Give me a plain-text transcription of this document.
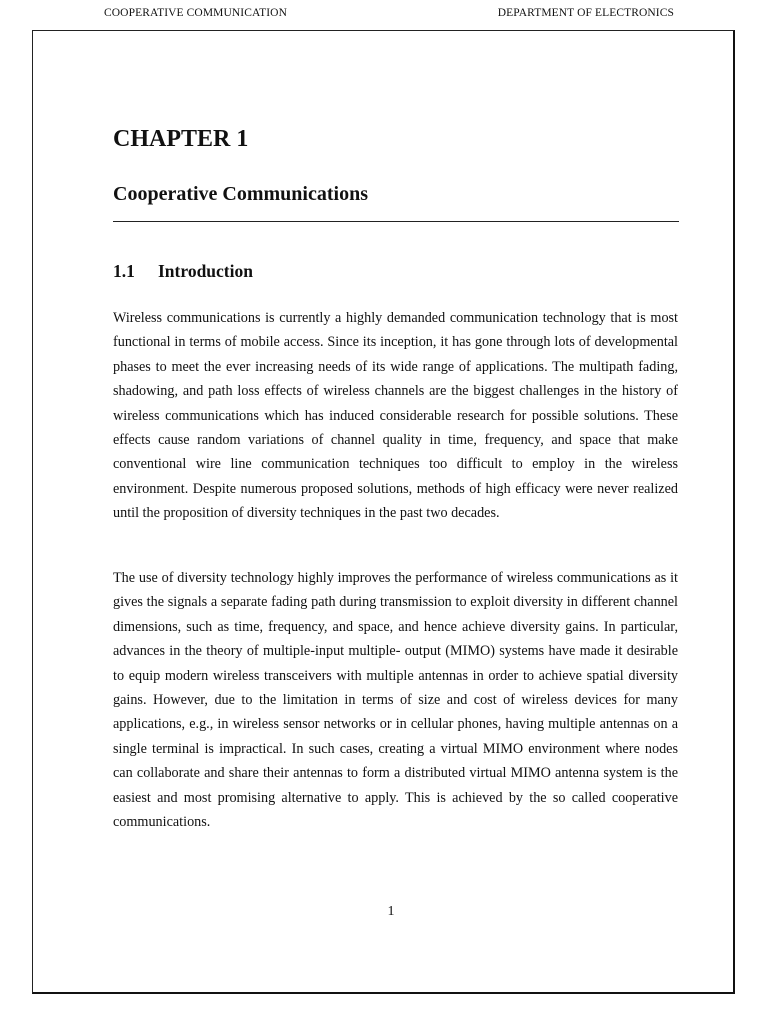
COOPERATIVE COMMUNICATION	DEPARTMENT OF ELECTRONICS
CHAPTER 1
Cooperative Communications
1.1 Introduction

Wireless communications is currently a highly demanded communication technology that is most functional in terms of mobile access. Since its inception, it has gone through lots of developmental phases to meet the ever increasing needs of its wide range of applications. The multipath fading, shadowing, and path loss effects of wireless channels are the biggest challenges in the history of wireless communications which has induced considerable research for possible solutions. These effects cause random variations of channel quality in time, frequency, and space that make conventional wire line communication techniques too difficult to employ in the wireless environment. Despite numerous proposed solutions, methods of high efficacy were never realized until the proposition of diversity techniques in the past two decades.

The use of diversity technology highly improves the performance of wireless communications as it gives the signals a separate fading path during transmission to exploit diversity in different channel dimensions, such as time, frequency, and space, and hence achieve diversity gains. In particular, advances in the theory of multiple-input multiple- output (MIMO) systems have made it desirable to equip modern wireless transceivers with multiple antennas in order to achieve spatial diversity gains. However, due to the limitation in terms of size and cost of wireless devices for many applications, e.g., in wireless sensor networks or in cellular phones, having multiple antennas on a single terminal is impractical. In such cases, creating a virtual MIMO environment where nodes can collaborate and share their antennas to form a distributed virtual MIMO antenna system is the easiest and most promising alternative to apply. This is achieved by the so called cooperative communications.

1
